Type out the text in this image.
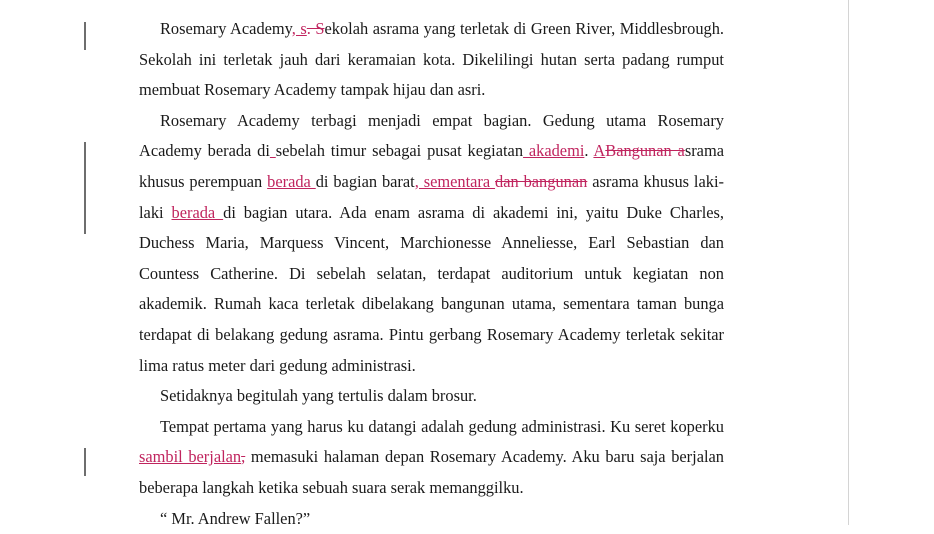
Rosemary Academy, s. Sekolah asrama yang terletak di Green River, Middlesbrough. Sekolah ini terletak jauh dari keramaian kota. Dikelilingi hutan serta padang rumput membuat Rosemary Academy tampak hijau dan asri.

Rosemary Academy terbagi menjadi empat bagian. Gedung utama Rosemary Academy berada di sebelah timur sebagai pusat kegiatan akademi. ABangunan asrama khusus perempuan berada di bagian barat, sementara dan bangunan asrama khusus laki-laki berada di bagian utara. Ada enam asrama di akademi ini, yaitu Duke Charles, Duchess Maria, Marquess Vincent, Marchionesse Anneliesse, Earl Sebastian dan Countess Catherine. Di sebelah selatan, terdapat auditorium untuk kegiatan non akademik. Rumah kaca terletak dibelakang bangunan utama, sementara taman bunga terdapat di belakang gedung asrama. Pintu gerbang Rosemary Academy terletak sekitar lima ratus meter dari gedung administrasi.

Setidaknya begitulah yang tertulis dalam brosur.

Tempat pertama yang harus ku datangi adalah gedung administrasi. Ku seret koperku sambil berjalan, memasuki halaman depan Rosemary Academy. Aku baru saja berjalan beberapa langkah ketika sebuah suara serak memanggilku.

“ Mr. Andrew Fallen?”
